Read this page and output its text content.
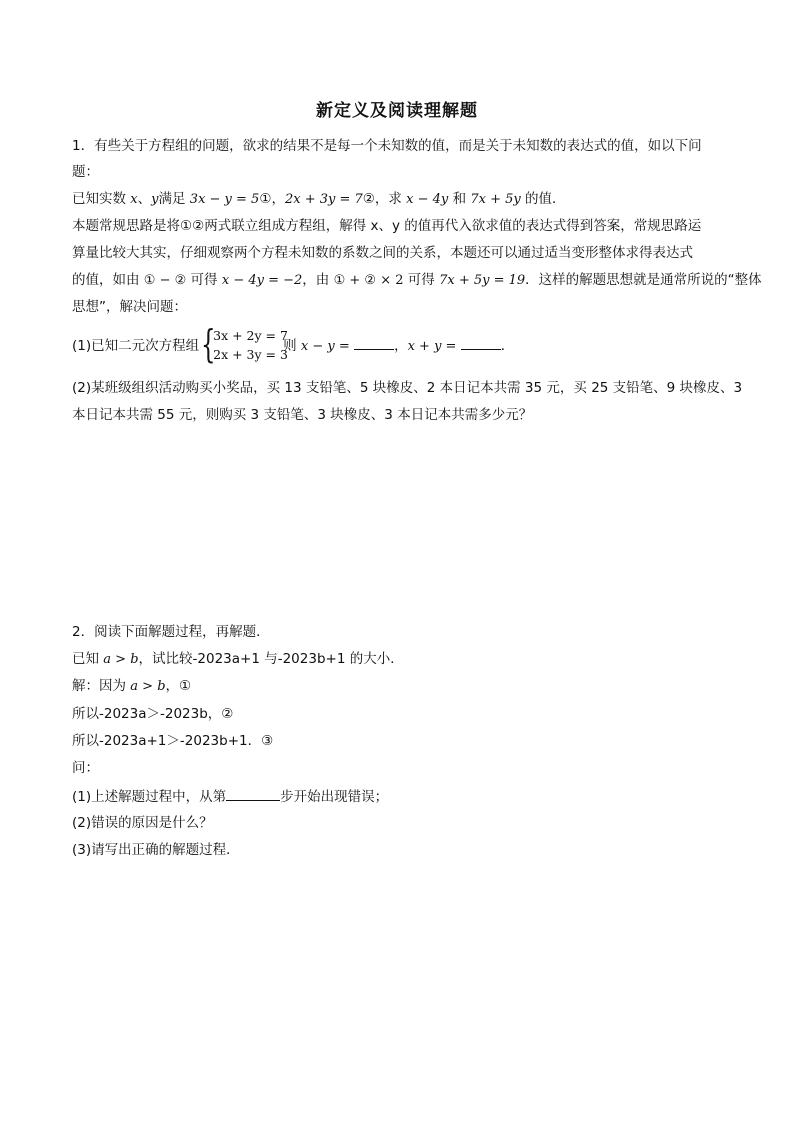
新定义及阅读理解题
1．有些关于方程组的问题，欲求的结果不是每一个未知数的值，而是关于未知数的表达式的值，如以下问
题：
已知实数 x、y满足 3x − y = 5①，2x + 3y = 7②，求 x − 4y 和 7x + 5y 的值．
本题常规思路是将①②两式联立组成方程组，解得 x、y 的值再代入欲求值的表达式得到答案，常规思路运
算量比较大其实，仔细观察两个方程未知数的系数之间的关系，本题还可以通过适当变形整体求得表达式
的值，如由 ① − ② 可得 x − 4y = −2，由 ① + ② × 2 可得 7x + 5y = 19．这样的解题思想就是通常所说的“整体
思想”，解决问题：
(1)已知二元次方程组 {
3x + 2y = 7
2x + 3y = 3
则 x − y =	，x + y =	．
(2)某班级组织活动购买小奖品，买 13 支铅笔、5 块橡皮、2 本日记本共需 35 元，买 25 支铅笔、9 块橡皮、3
本日记本共需 55 元，则购买 3 支铅笔、3 块橡皮、3 本日记本共需多少元？
2．阅读下面解题过程，再解题．
已知 a > b，试比较-2023a+1 与-2023b+1 的大小．
解：因为 a > b，①
所以-2023a＞-2023b，②
所以-2023a+1＞-2023b+1．③
问：
(1)上述解题过程中，从第	步开始出现错误；
(2)错误的原因是什么？
(3)请写出正确的解题过程．
